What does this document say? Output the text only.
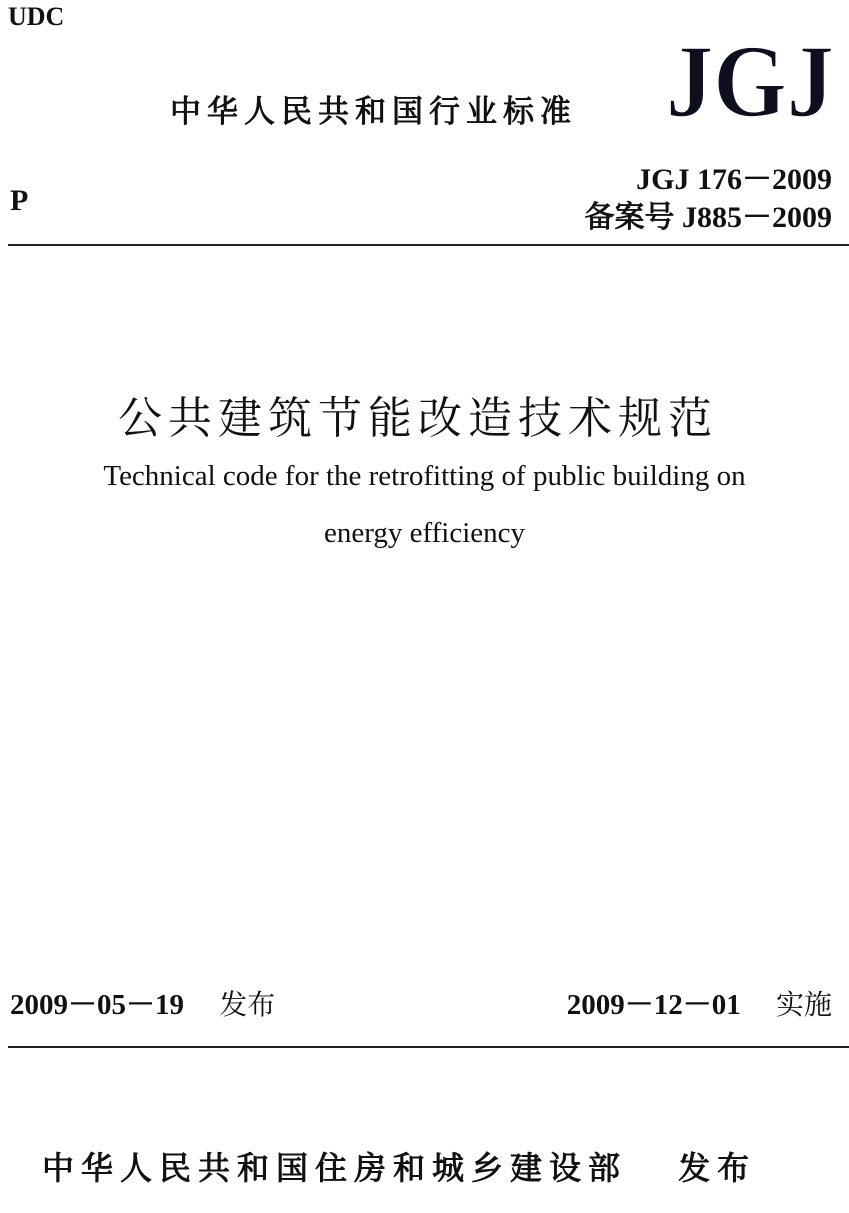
UDC
中华人民共和国行业标准 JGJ
P
JGJ 176－2009
备案号 J885－2009
公共建筑节能改造技术规范
Technical code for the retrofitting of public building on
energy efficiency
2009－05－19 发布	2009－12－01 实施
中华人民共和国住房和城乡建设部 发布
